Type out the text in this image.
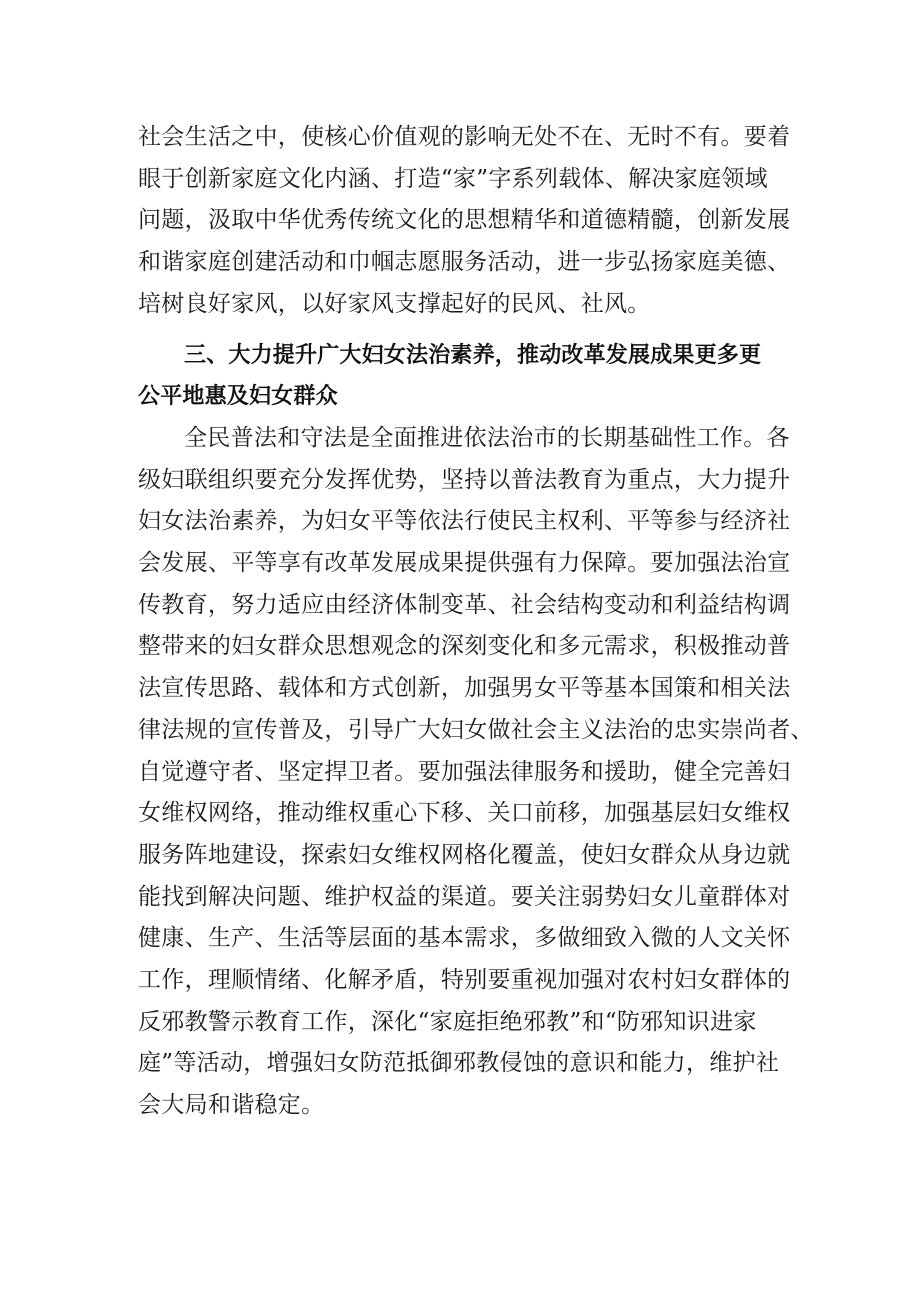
社会生活之中，使核心价值观的影响无处不在、无时不有。要着
眼于创新家庭文化内涵、打造“家”字系列载体、解决家庭领域
问题，汲取中华优秀传统文化的思想精华和道德精髓，创新发展
和谐家庭创建活动和巾帼志愿服务活动，进一步弘扬家庭美德、
培树良好家风，以好家风支撑起好的民风、社风。
三、大力提升广大妇女法治素养，推动改革发展成果更多更
公平地惠及妇女群众
全民普法和守法是全面推进依法治市的长期基础性工作。各
级妇联组织要充分发挥优势，坚持以普法教育为重点，大力提升
妇女法治素养，为妇女平等依法行使民主权利、平等参与经济社
会发展、平等享有改革发展成果提供强有力保障。要加强法治宣
传教育，努力适应由经济体制变革、社会结构变动和利益结构调
整带来的妇女群众思想观念的深刻变化和多元需求，积极推动普
法宣传思路、载体和方式创新，加强男女平等基本国策和相关法
律法规的宣传普及，引导广大妇女做社会主义法治的忠实崇尚者、
自觉遵守者、坚定捍卫者。要加强法律服务和援助，健全完善妇
女维权网络，推动维权重心下移、关口前移，加强基层妇女维权
服务阵地建设，探索妇女维权网格化覆盖，使妇女群众从身边就
能找到解决问题、维护权益的渠道。要关注弱势妇女儿童群体对
健康、生产、生活等层面的基本需求，多做细致入微的人文关怀
工作，理顺情绪、化解矛盾，特别要重视加强对农村妇女群体的
反邪教警示教育工作，深化“家庭拒绝邪教”和“防邪知识进家
庭”等活动，增强妇女防范抵御邪教侵蚀的意识和能力，维护社
会大局和谐稳定。
